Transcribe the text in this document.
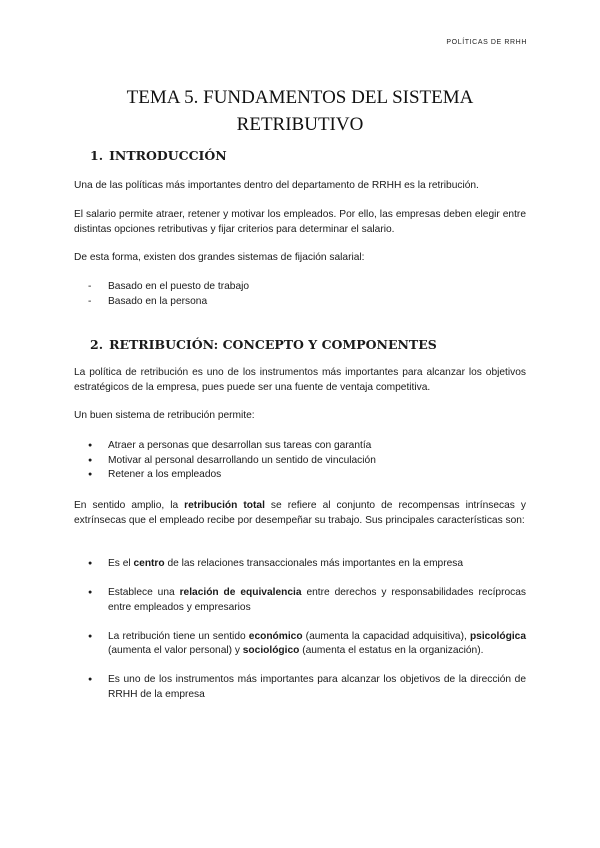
POLÍTICAS DE RRHH
TEMA 5. FUNDAMENTOS DEL SISTEMA
RETRIBUTIVO
1. INTRODUCCIÓN

Una de las políticas más importantes dentro del departamento de RRHH es la retribución.

El salario permite atraer, retener y motivar los empleados. Por ello, las empresas deben elegir entre distintas opciones retributivas y fijar criterios para determinar el salario.

De esta forma, existen dos grandes sistemas de fijación salarial:

- Basado en el puesto de trabajo
- Basado en la persona
2. RETRIBUCIÓN: CONCEPTO Y COMPONENTES

La política de retribución es uno de los instrumentos más importantes para alcanzar los objetivos estratégicos de la empresa, pues puede ser una fuente de ventaja competitiva.

Un buen sistema de retribución permite:

● Atraer a personas que desarrollan sus tareas con garantía
● Motivar al personal desarrollando un sentido de vinculación
● Retener a los empleados

En sentido amplio, la retribución total se refiere al conjunto de recompensas intrínsecas y extrínsecas que el empleado recibe por desempeñar su trabajo. Sus principales características son:

● Es el centro de las relaciones transaccionales más importantes en la empresa
● Establece una relación de equivalencia entre derechos y responsabilidades recíprocas entre empleados y empresarios
● La retribución tiene un sentido económico (aumenta la capacidad adquisitiva), psicológica (aumenta el valor personal) y sociológico (aumenta el estatus en la organización).
● Es uno de los instrumentos más importantes para alcanzar los objetivos de la dirección de RRHH de la empresa
